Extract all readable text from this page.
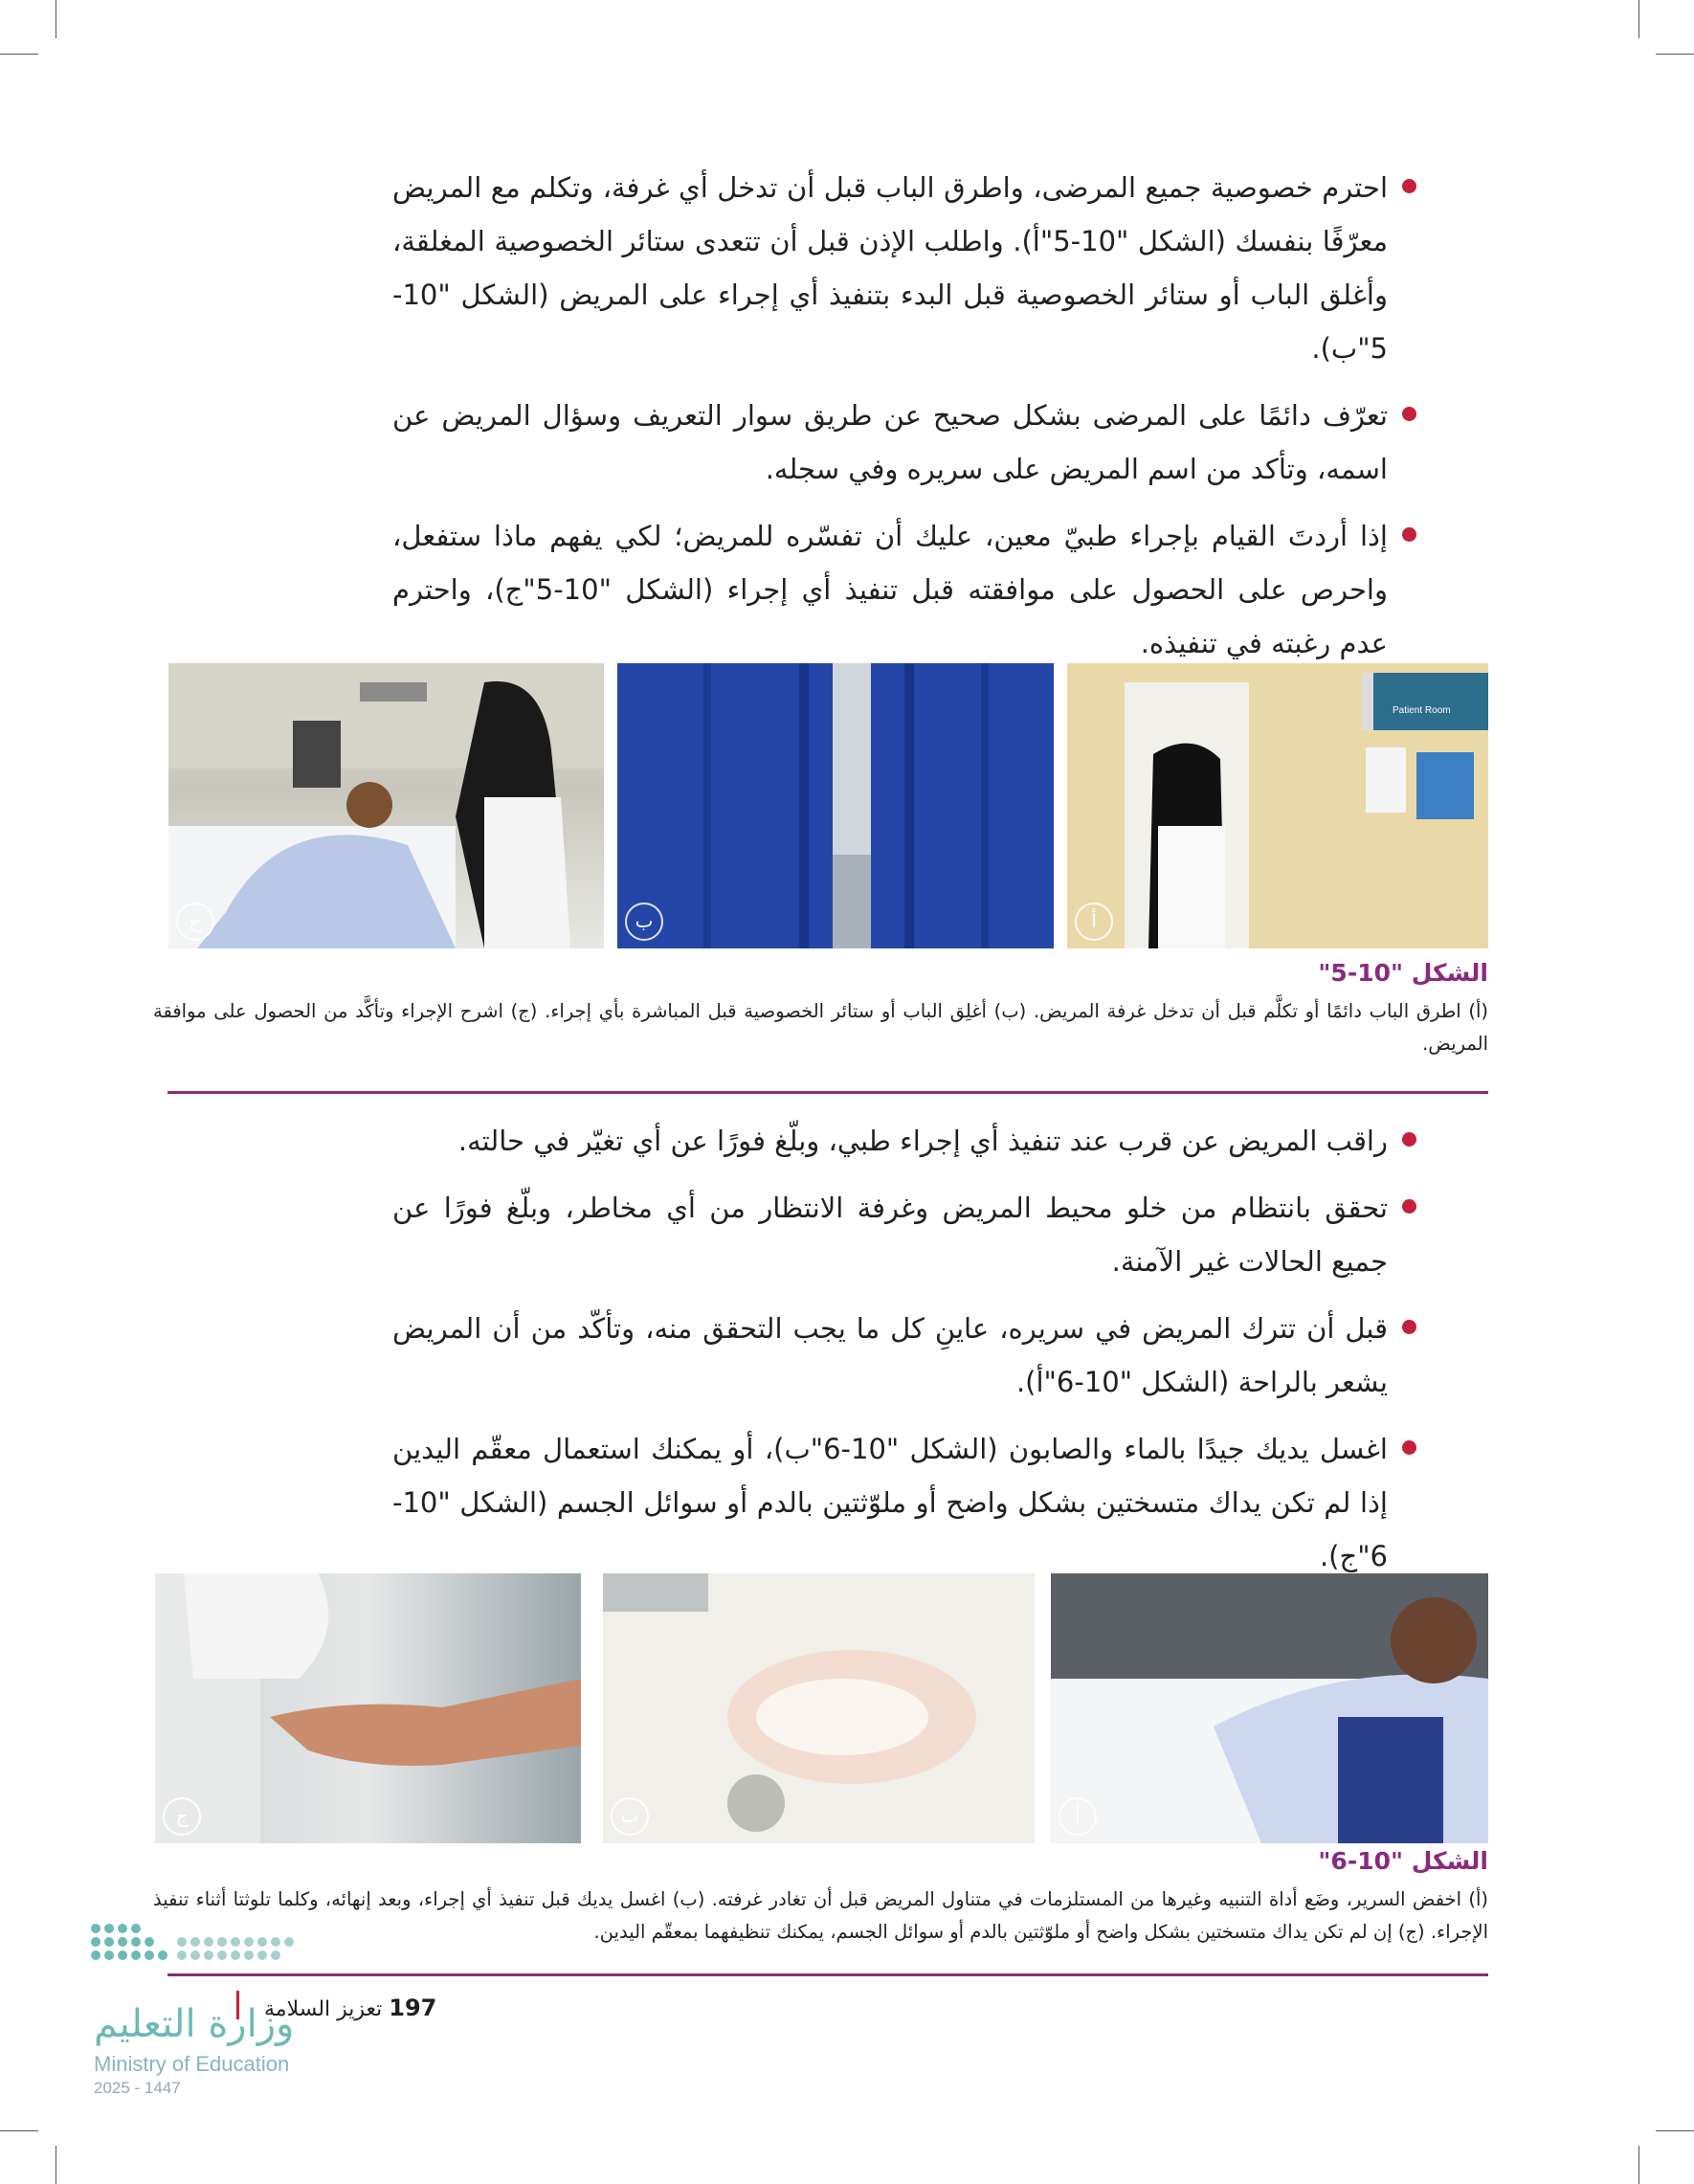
احترم خصوصية جميع المرضى، واطرق الباب قبل أن تدخل أي غرفة، وتكلم مع المريض معرّفًا بنفسك (الشكل "10-5"أ). واطلب الإذن قبل أن تتعدى ستائر الخصوصية المغلقة، وأغلق الباب أو ستائر الخصوصية قبل البدء بتنفيذ أي إجراء على المريض (الشكل "10-5"ب).
تعرّف دائمًا على المرضى بشكل صحيح عن طريق سوار التعريف وسؤال المريض عن اسمه، وتأكد من اسم المريض على سريره وفي سجله.
إذا أردتَ القيام بإجراء طبيّ معين، عليك أن تفسّره للمريض؛ لكي يفهم ماذا ستفعل، واحرص على الحصول على موافقته قبل تنفيذ أي إجراء (الشكل "10-5"ج)، واحترم عدم رغبته في تنفيذه.
ج	ب
Patient Room
أ
الشكل "10-5"
(أ) اطرق الباب دائمًا أو تكلَّم قبل أن تدخل غرفة المريض. (ب) أغلِق الباب أو ستائر الخصوصية قبل المباشرة بأي إجراء. (ج) اشرح الإجراء وتأكَّد من الحصول على موافقة المريض.
راقب المريض عن قرب عند تنفيذ أي إجراء طبي، وبلّغ فورًا عن أي تغيّر في حالته.
تحقق بانتظام من خلو محيط المريض وغرفة الانتظار من أي مخاطر، وبلّغ فورًا عن جميع الحالات غير الآمنة.
قبل أن تترك المريض في سريره، عاينِ كل ما يجب التحقق منه، وتأكّد من أن المريض يشعر بالراحة (الشكل "10-6"أ).
اغسل يديك جيدًا بالماء والصابون (الشكل "10-6"ب)، أو يمكنك استعمال معقّم اليدين إذا لم تكن يداك متسختين بشكل واضح أو ملوّثتين بالدم أو سوائل الجسم (الشكل "10-6"ج).
ج	ب	أ
الشكل "10-6"
(أ) اخفض السرير، وضَع أداة التنبيه وغيرها من المستلزمات في متناول المريض قبل أن تغادر غرفته. (ب) اغسل يديك قبل تنفيذ أي إجراء، وبعد إنهائه، وكلما تلوثتا أثناء تنفيذ الإجراء. (ج) إن لم تكن يداك متسختين بشكل واضح أو ملوّثتين بالدم أو سوائل الجسم، يمكنك تنظيفهما بمعقّم اليدين.
197 تعزيز السلامة
وزارة التعليم
Ministry of Education
2025 - 1447
